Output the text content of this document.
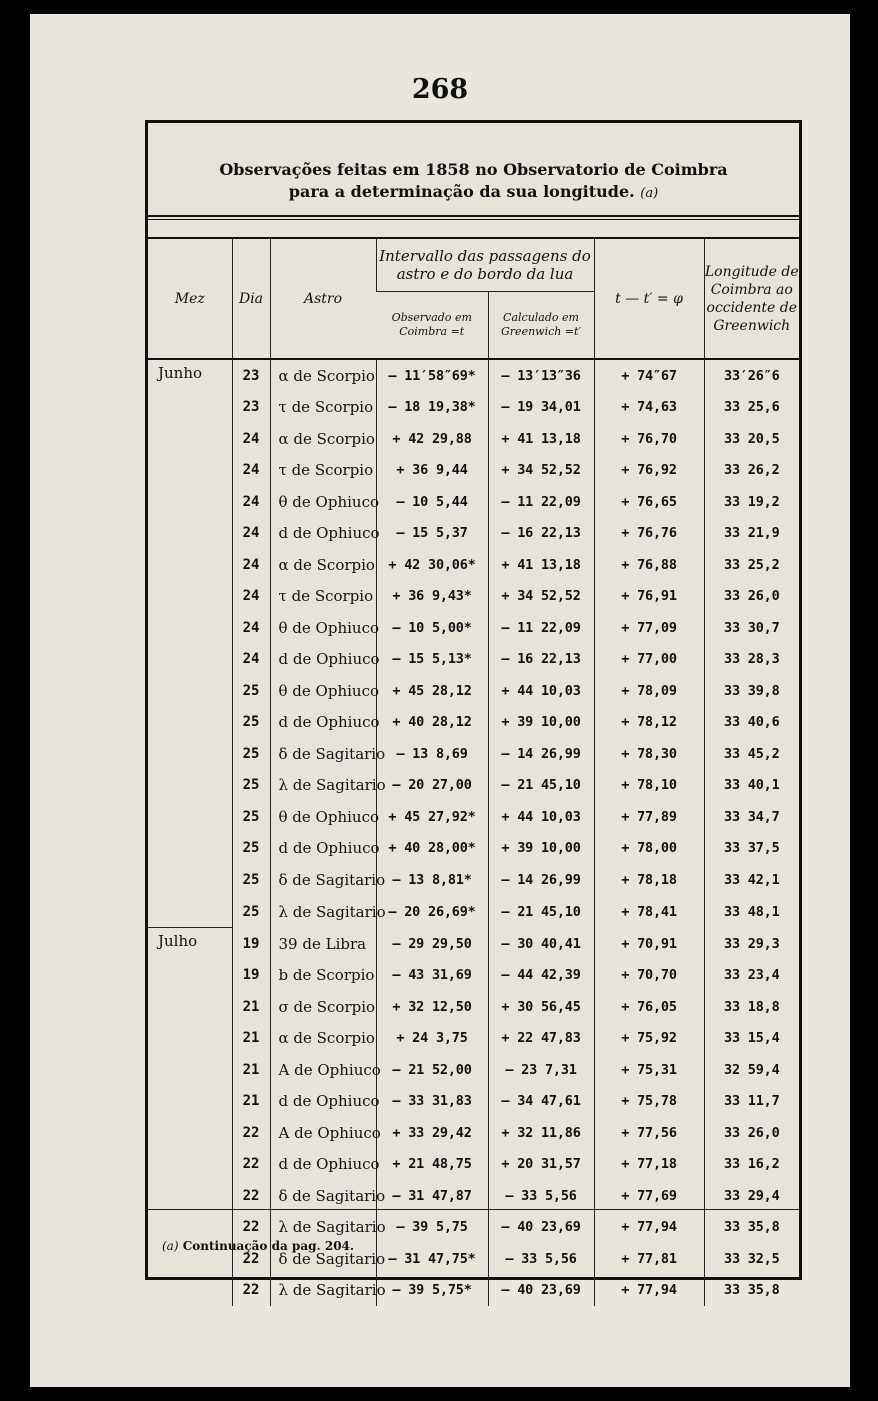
268
Observações feitas em 1858 no Observatorio de Coimbra
para a determinação da sua longitude. (a)
Mez	Dia	Astro	Intervallo das passagens do astro e do bordo da lua		t — t′ = φ	Longitude de Coimbra ao occidente de Greenwich
			Observado em Coimbra =t	Calculado em Greenwich =t′		
Junho	23	α de Scorpio	— 11′58″69*	— 13′13″36	+ 74″67	33′26″6
	23	τ de Scorpio	— 18 19,38*	— 19 34,01	+ 74,63	33 25,6
	24	α de Scorpio	+ 42 29,88	+ 41 13,18	+ 76,70	33 20,5
	24	τ de Scorpio	+ 36 9,44	+ 34 52,52	+ 76,92	33 26,2
	24	θ de Ophiuco	— 10 5,44	— 11 22,09	+ 76,65	33 19,2
	24	d de Ophiuco	— 15 5,37	— 16 22,13	+ 76,76	33 21,9
	24	α de Scorpio	+ 42 30,06*	+ 41 13,18	+ 76,88	33 25,2
	24	τ de Scorpio	+ 36 9,43*	+ 34 52,52	+ 76,91	33 26,0
	24	θ de Ophiuco	— 10 5,00*	— 11 22,09	+ 77,09	33 30,7
	24	d de Ophiuco	— 15 5,13*	— 16 22,13	+ 77,00	33 28,3
	25	θ de Ophiuco	+ 45 28,12	+ 44 10,03	+ 78,09	33 39,8
	25	d de Ophiuco	+ 40 28,12	+ 39 10,00	+ 78,12	33 40,6
	25	δ de Sagitario	— 13 8,69	— 14 26,99	+ 78,30	33 45,2
	25	λ de Sagitario	— 20 27,00	— 21 45,10	+ 78,10	33 40,1
	25	θ de Ophiuco	+ 45 27,92*	+ 44 10,03	+ 77,89	33 34,7
	25	d de Ophiuco	+ 40 28,00*	+ 39 10,00	+ 78,00	33 37,5
	25	δ de Sagitario	— 13 8,81*	— 14 26,99	+ 78,18	33 42,1
	25	λ de Sagitario	— 20 26,69*	— 21 45,10	+ 78,41	33 48,1
Julho	19	39 de Libra	— 29 29,50	— 30 40,41	+ 70,91	33 29,3
	19	b de Scorpio	— 43 31,69	— 44 42,39	+ 70,70	33 23,4
	21	σ de Scorpio	+ 32 12,50	+ 30 56,45	+ 76,05	33 18,8
	21	α de Scorpio	+ 24 3,75	+ 22 47,83	+ 75,92	33 15,4
	21	A de Ophiuco	— 21 52,00	— 23 7,31	+ 75,31	32 59,4
	21	d de Ophiuco	— 33 31,83	— 34 47,61	+ 75,78	33 11,7
	22	A de Ophiuco	+ 33 29,42	+ 32 11,86	+ 77,56	33 26,0
	22	d de Ophiuco	+ 21 48,75	+ 20 31,57	+ 77,18	33 16,2
	22	δ de Sagitario	— 31 47,87	— 33 5,56	+ 77,69	33 29,4
	22	λ de Sagitario	— 39 5,75	— 40 23,69	+ 77,94	33 35,8
	22	δ de Sagitario	— 31 47,75*	— 33 5,56	+ 77,81	33 32,5
	22	λ de Sagitario	— 39 5,75*	— 40 23,69	+ 77,94	33 35,8
(a) Continuação da pag. 204.
